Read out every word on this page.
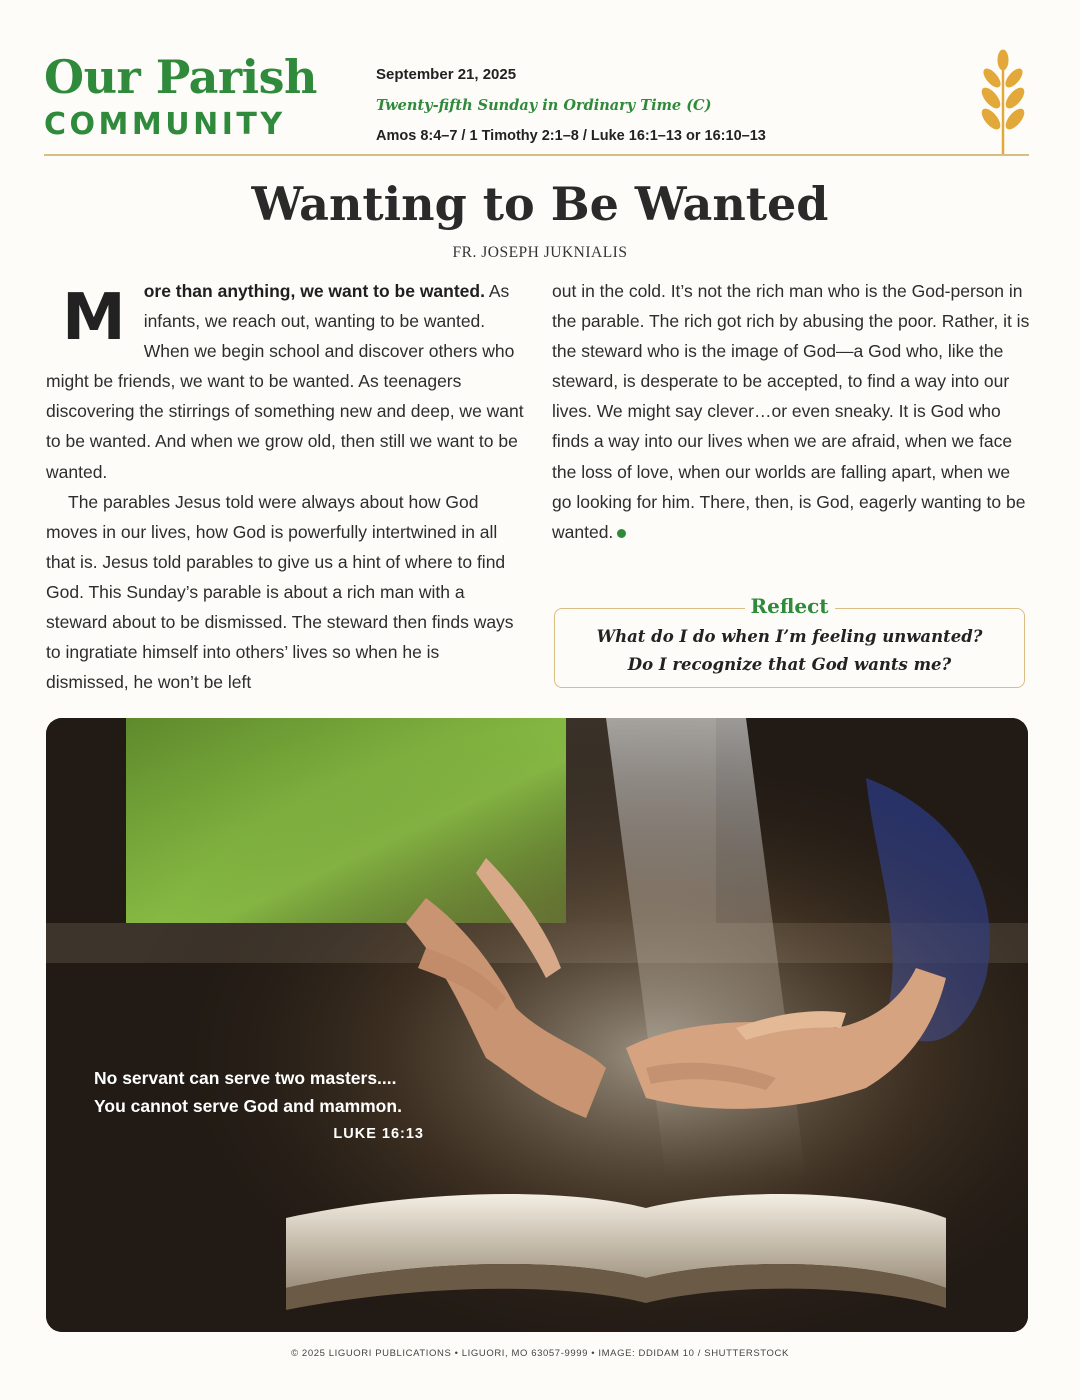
Our Parish

COMMUNITY

September 21, 2025

Twenty-fifth Sunday in Ordinary Time (C)

Amos 8:4–7 / 1 Timothy 2:1–8 / Luke 16:1–13 or 16:10–13

Wanting to Be Wanted

FR. JOSEPH JUKNIALIS

M	ore than anything, we want to be wanted. As infants, we reach out, wanting to be wanted. When we begin school and discover others who might be friends, we want to be wanted. As teenagers discovering the stirrings of something new and deep, we want to be wanted. And when we grow old, then still we want to be wanted.

The parables Jesus told were always about how God moves in our lives, how God is powerfully intertwined in all that is. Jesus told parables to give us a hint of where to find God. This Sunday’s parable is about a rich man with a steward about to be dismissed. The steward then finds ways to ingratiate himself into others’ lives so when he is dismissed, he won’t be left

out in the cold. It’s not the rich man who is the God-person in the parable. The rich got rich by abusing the poor. Rather, it is the steward who is the image of God—a God who, like the steward, is desperate to be accepted, to find a way into our lives. We might say clever…or even sneaky. It is God who finds a way into our lives when we are afraid, when we face the loss of love, when our worlds are falling apart, when we go looking for him. There, then, is God, eagerly wanting to be wanted.

Reflect

What do I do when I’m feeling unwanted?

Do I recognize that God wants me?

No servant can serve two masters....

You cannot serve God and mammon.

LUKE 16:13

© 2025 LIGUORI PUBLICATIONS • LIGUORI, MO 63057-9999 • IMAGE: DDIDAM 10 / SHUTTERSTOCK
